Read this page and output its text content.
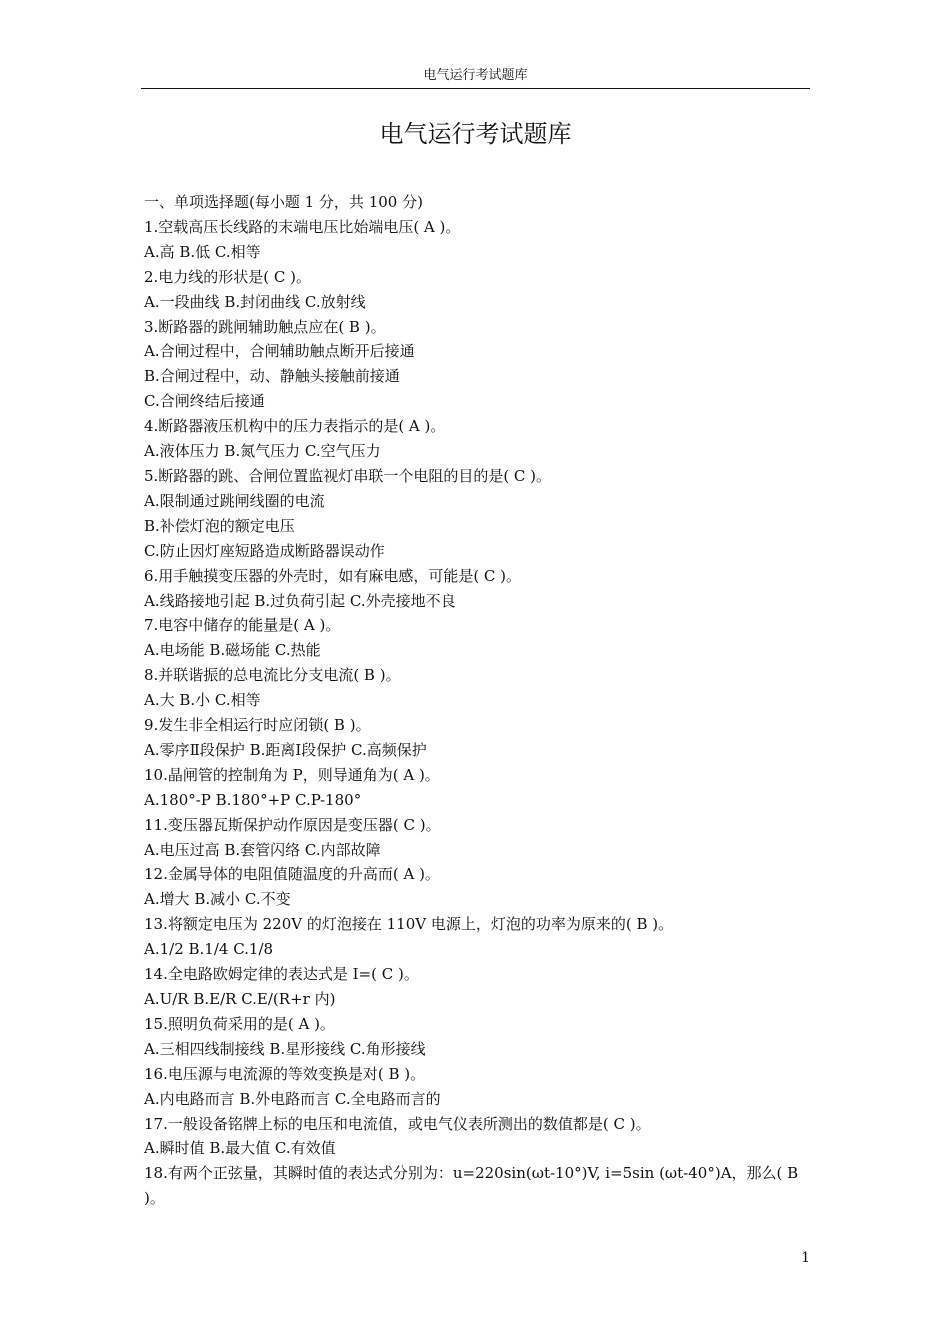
电气运行考试题库
电气运行考试题库

一、单项选择题(每小题 1 分，共 100 分)

1.空载高压长线路的末端电压比始端电压( A )。

A.高 B.低 C.相等

2.电力线的形状是( C )。

A.一段曲线 B.封闭曲线 C.放射线

3.断路器的跳闸辅助触点应在( B )。

A.合闸过程中，合闸辅助触点断开后接通

B.合闸过程中，动、静触头接触前接通

C.合闸终结后接通

4.断路器液压机构中的压力表指示的是( A )。

A.液体压力 B.氮气压力 C.空气压力

5.断路器的跳、合闸位置监视灯串联一个电阻的目的是( C )。

A.限制通过跳闸线圈的电流

B.补偿灯泡的额定电压

C.防止因灯座短路造成断路器误动作

6.用手触摸变压器的外壳时，如有麻电感，可能是( C )。

A.线路接地引起 B.过负荷引起 C.外壳接地不良

7.电容中储存的能量是( A )。

A.电场能 B.磁场能 C.热能

8.并联谐振的总电流比分支电流( B )。

A.大 B.小 C.相等

9.发生非全相运行时应闭锁( B )。

A.零序Ⅱ段保护 B.距离Ⅰ段保护 C.高频保护

10.晶闸管的控制角为 P，则导通角为( A )。

A.180°-P B.180°+P C.P-180°

11.变压器瓦斯保护动作原因是变压器( C )。

A.电压过高 B.套管闪络 C.内部故障

12.金属导体的电阻值随温度的升高而( A )。

A.增大 B.减小 C.不变

13.将额定电压为 220V 的灯泡接在 110V 电源上，灯泡的功率为原来的( B )。

A.1/2 B.1/4 C.1/8

14.全电路欧姆定律的表达式是 I=( C )。

A.U/R B.E/R C.E/(R+r 内)

15.照明负荷采用的是( A )。

A.三相四线制接线 B.星形接线 C.角形接线

16.电压源与电流源的等效变换是对( B )。

A.内电路而言 B.外电路而言 C.全电路而言的

17.一般设备铭牌上标的电压和电流值，或电气仪表所测出的数值都是( C )。

A.瞬时值 B.最大值 C.有效值

18.有两个正弦量，其瞬时值的表达式分别为：u=220sin(ωt-10°)V, i=5sin (ωt-40°)A，那么( B )。

1
